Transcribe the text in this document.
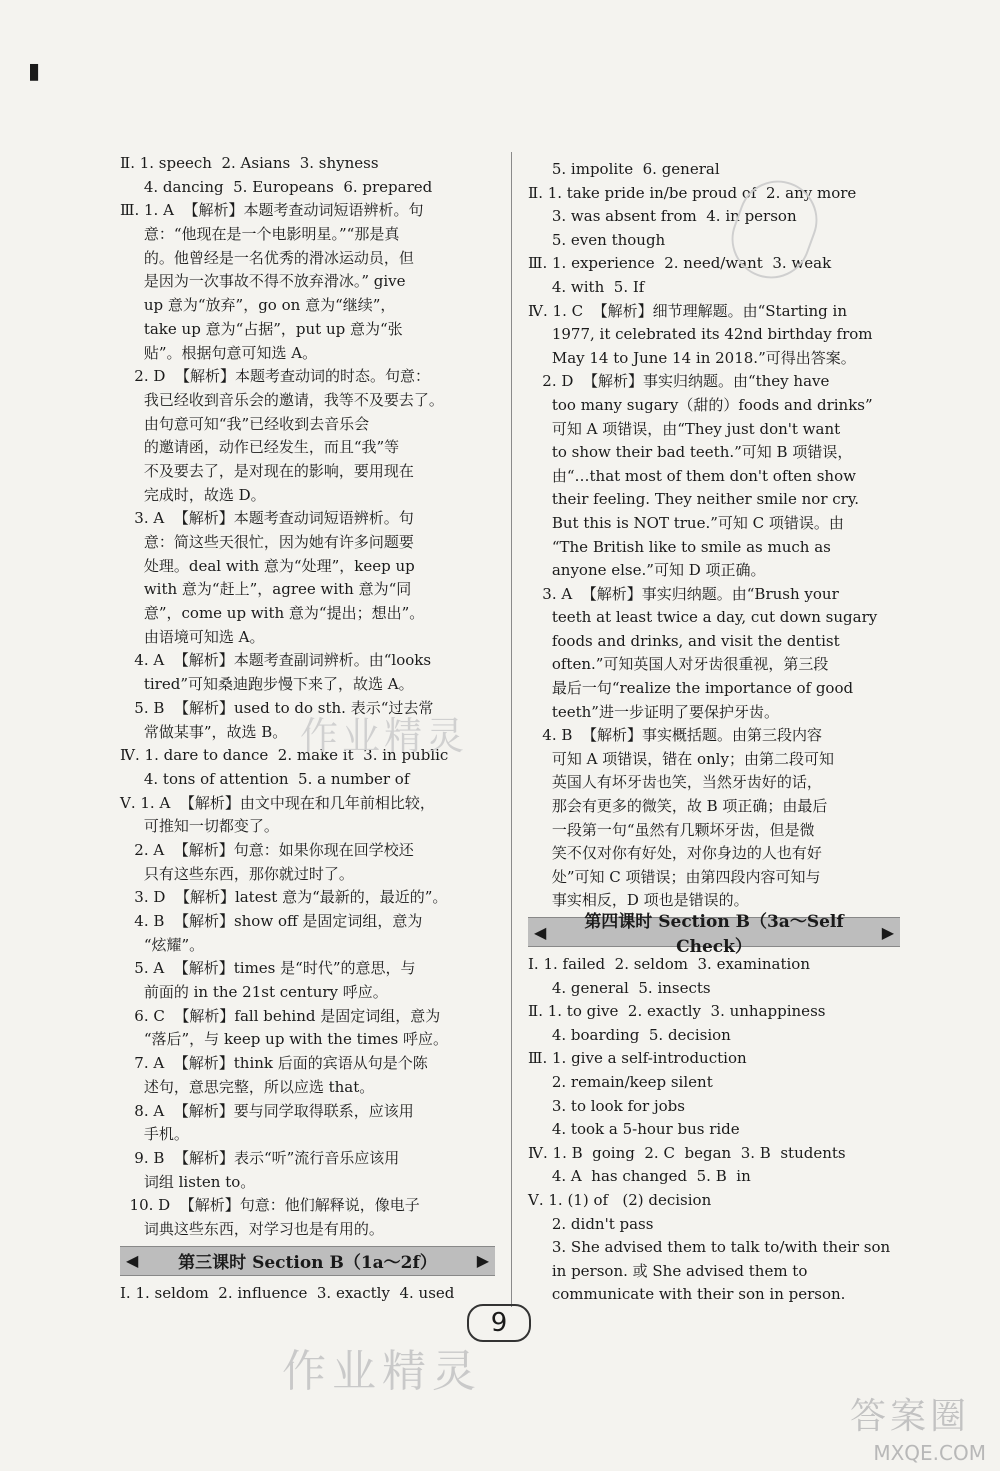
▮
Ⅱ. 1. speech  2. Asians  3. shyness
4. dancing  5. Europeans  6. prepared
Ⅲ. 1. A  【解析】本题考查动词短语辨析。句
意：“他现在是一个电影明星。”“那是真
的。他曾经是一名优秀的滑冰运动员，但
是因为一次事故不得不放弃滑冰。” give
up 意为“放弃”，go on 意为“继续”，
take up 意为“占据”，put up 意为“张
贴”。根据句意可知选 A。
2. D  【解析】本题考查动词的时态。句意：
我已经收到音乐会的邀请，我等不及要去了。
由句意可知“我”已经收到去音乐会
的邀请函，动作已经发生，而且“我”等
不及要去了，是对现在的影响，要用现在
完成时，故选 D。
3. A  【解析】本题考查动词短语辨析。句
意：简这些天很忙，因为她有许多问题要
处理。deal with 意为“处理”，keep up
with 意为“赶上”，agree with 意为“同
意”，come up with 意为“提出；想出”。
由语境可知选 A。
4. A  【解析】本题考查副词辨析。由“looks
tired”可知桑迪跑步慢下来了，故选 A。
5. B  【解析】used to do sth. 表示“过去常
常做某事”，故选 B。
Ⅳ. 1. dare to dance  2. make it  3. in public
4. tons of attention  5. a number of
Ⅴ. 1. A  【解析】由文中现在和几年前相比较，
可推知一切都变了。
2. A  【解析】句意：如果你现在回学校还
只有这些东西，那你就过时了。
3. D  【解析】latest 意为“最新的，最近的”。
4. B  【解析】show off 是固定词组，意为
“炫耀”。
5. A  【解析】times 是“时代”的意思，与
前面的 in the 21st century 呼应。
6. C  【解析】fall behind 是固定词组，意为
“落后”，与 keep up with the times 呼应。
7. A  【解析】think 后面的宾语从句是个陈
述句，意思完整，所以应选 that。
8. A  【解析】要与同学取得联系，应该用
手机。
9. B  【解析】表示“听”流行音乐应该用
词组 listen to。
10. D  【解析】句意：他们解释说，像电子
词典这些东西，对学习也是有用的。
◀	第三课时 Section B（1a～2f）	▶
Ⅰ. 1. seldom  2. influence  3. exactly  4. used
5. impolite  6. general
Ⅱ. 1. take pride in/be proud of  2. any more
3. was absent from  4. in person
5. even though
Ⅲ. 1. experience  2. need/want  3. weak
4. with  5. If
Ⅳ. 1. C  【解析】细节理解题。由“Starting in
1977, it celebrated its 42nd birthday from
May 14 to June 14 in 2018.”可得出答案。
2. D  【解析】事实归纳题。由“they have
too many sugary（甜的）foods and drinks”
可知 A 项错误，由“They just don't want
to show their bad teeth.”可知 B 项错误，
由“…that most of them don't often show
their feeling. They neither smile nor cry.
But this is NOT true.”可知 C 项错误。由
“The British like to smile as much as
anyone else.”可知 D 项正确。
3. A  【解析】事实归纳题。由“Brush your
teeth at least twice a day, cut down sugary
foods and drinks, and visit the dentist
often.”可知英国人对牙齿很重视，第三段
最后一句“realize the importance of good
teeth”进一步证明了要保护牙齿。
4. B  【解析】事实概括题。由第三段内容
可知 A 项错误，错在 only；由第二段可知
英国人有坏牙齿也笑，当然牙齿好的话，
那会有更多的微笑，故 B 项正确；由最后
一段第一句“虽然有几颗坏牙齿，但是微
笑不仅对你有好处，对你身边的人也有好
处”可知 C 项错误；由第四段内容可知与
事实相反，D 项也是错误的。
◀	第四课时 Section B（3a～Self Check）
▶
Ⅰ. 1. failed  2. seldom  3. examination
4. general  5. insects
Ⅱ. 1. to give  2. exactly  3. unhappiness
4. boarding  5. decision
Ⅲ. 1. give a self-introduction
2. remain/keep silent
3. to look for jobs
4. took a 5-hour bus ride
Ⅳ. 1. B  going  2. C  began  3. B  students
4. A  has changed  5. B  in
Ⅴ. 1. (1) of   (2) decision
2. didn't pass
3. She advised them to talk to/with their son
in person. 或 She advised them to
communicate with their son in person.
作业精灵
9
作业精灵
答案圈
MXQE.COM
